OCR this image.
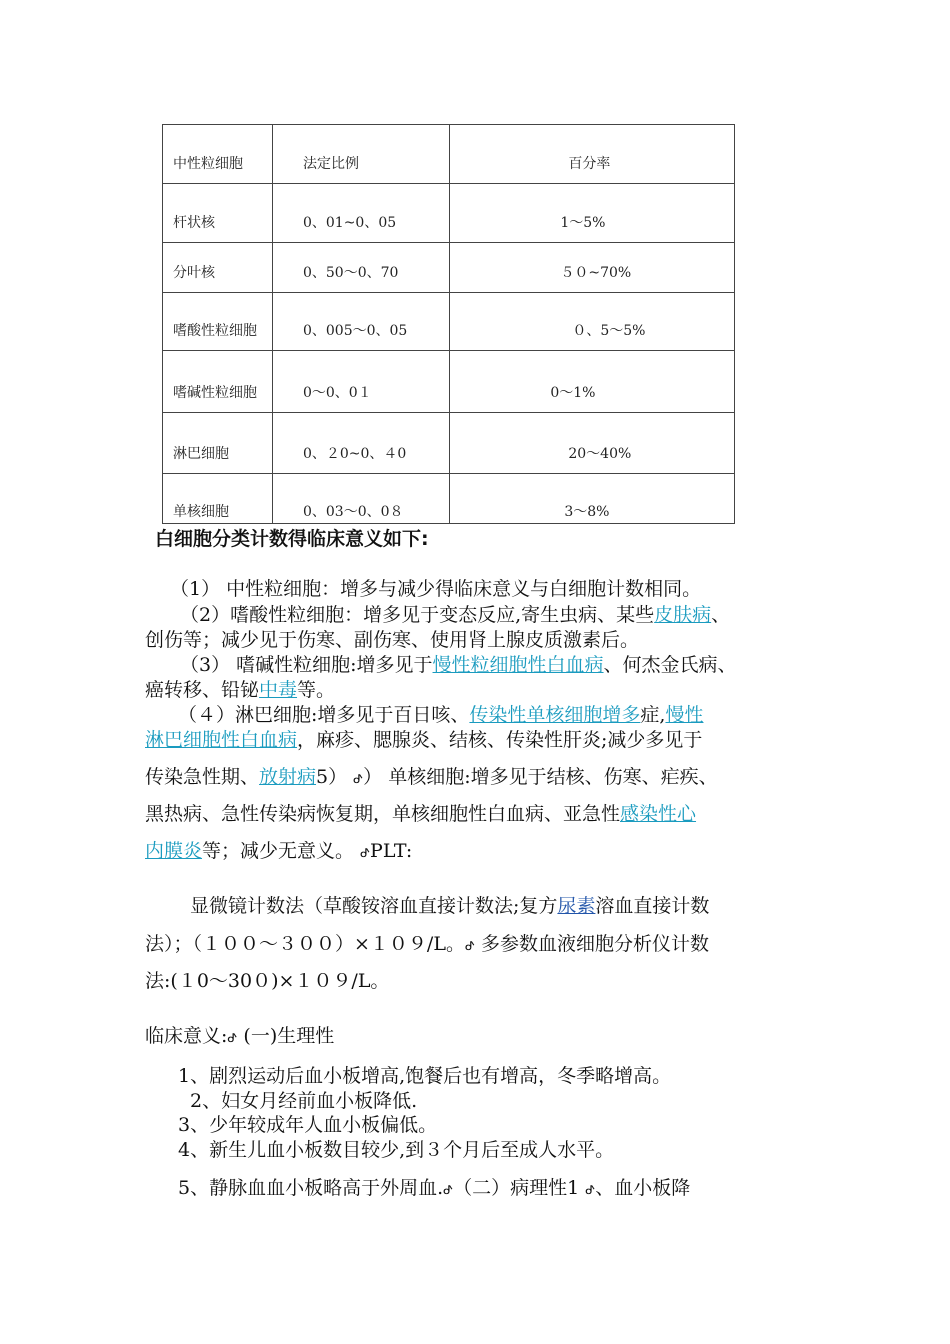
中性粒细胞	法定比例	百分率
杆状核	0、01~0、05	1～5%
分叶核	0、50～0、70	５０~70%
嗜酸性粒细胞	0、005～0、05	０、5～5%
嗜碱性粒细胞	0～0、0１	0～1%
淋巴细胞	0、２0~0、４0	20～40%
单核细胞	0、03～0、0８	3～8%
白细胞分类计数得临床意义如下:
（1） 中性粒细胞：增多与减少得临床意义与白细胞计数相同。
（2）嗜酸性粒细胞：增多见于变态反应,寄生虫病、某些皮肤病、
创伤等；减少见于伤寒、副伤寒、使用肾上腺皮质激素后。
（3） 嗜碱性粒细胞:增多见于慢性粒细胞性白血病、何杰金氏病、
癌转移、铅铋中毒等。
（４）淋巴细胞:增多见于百日咳、传染性单核细胞增多症,慢性
淋巴细胞性白血病，麻疹、腮腺炎、结核、传染性肝炎;减少多见于
传染急性期、放射病5） ᕷ） 单核细胞:增多见于结核、伤寒、疟疾、
黑热病、急性传染病恢复期，单核细胞性白血病、亚急性感染性心
内膜炎等；减少无意义。 ᕷPLT:
显微镜计数法（草酸铵溶血直接计数法;复方尿素溶血直接计数
法）；（１００～３００）×１０９/L。ᕷ 多参数血液细胞分析仪计数
法:(１0～30０)×１０９/L。
临床意义:ᕷ (一)生理性
1、剧烈运动后血小板增高,饱餐后也有增高，冬季略增高。
2、妇女月经前血小板降低.
3、少年较成年人血小板偏低。
4、新生儿血小板数目较少,到３个月后至成人水平。
5、静脉血血小板略高于外周血.ᕷ（二）病理性1 ᕷ、血小板降
